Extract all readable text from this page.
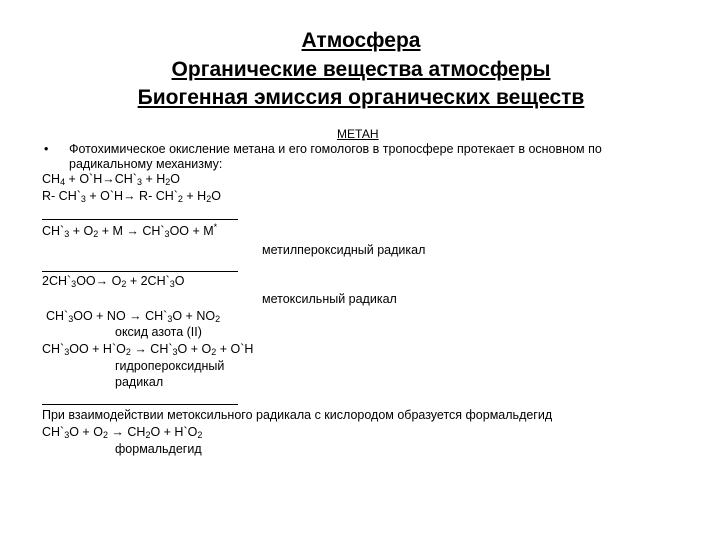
Атмосфера
Органические вещества атмосферы
Биогенная эмиссия органических веществ
МЕТАН
• Фотохимическое окисление метана и его гомологов в тропосфере протекает в основном по
радикальному механизму:
$CH_4$ + $O`H\to CH`_3 + H_2O$
R- $CH`_3$ + O`H→ R- $CH`_2 + H_2O$
$CH`_3 + O_2 + M$ → $CH`_3OO + M^*$
метилпероксидный радикал
$2CH`_3OO\to O_2$ + $2CH`_3O$
метоксильный радикал
$CH`_3OO$ + NO → $CH`_3O + NO_2$
оксид азота (II)
$CH`_3OO$ + $H`O_2$ → $CH`_3O + O_2$ + O`H
гидропероксидный
радикал
При взаимодействии метоксильного радикала с кислородом образуется формальдегид
$CH`_3O + O_2 \to CH_2O$ + $H`O_2$
формальдегид
